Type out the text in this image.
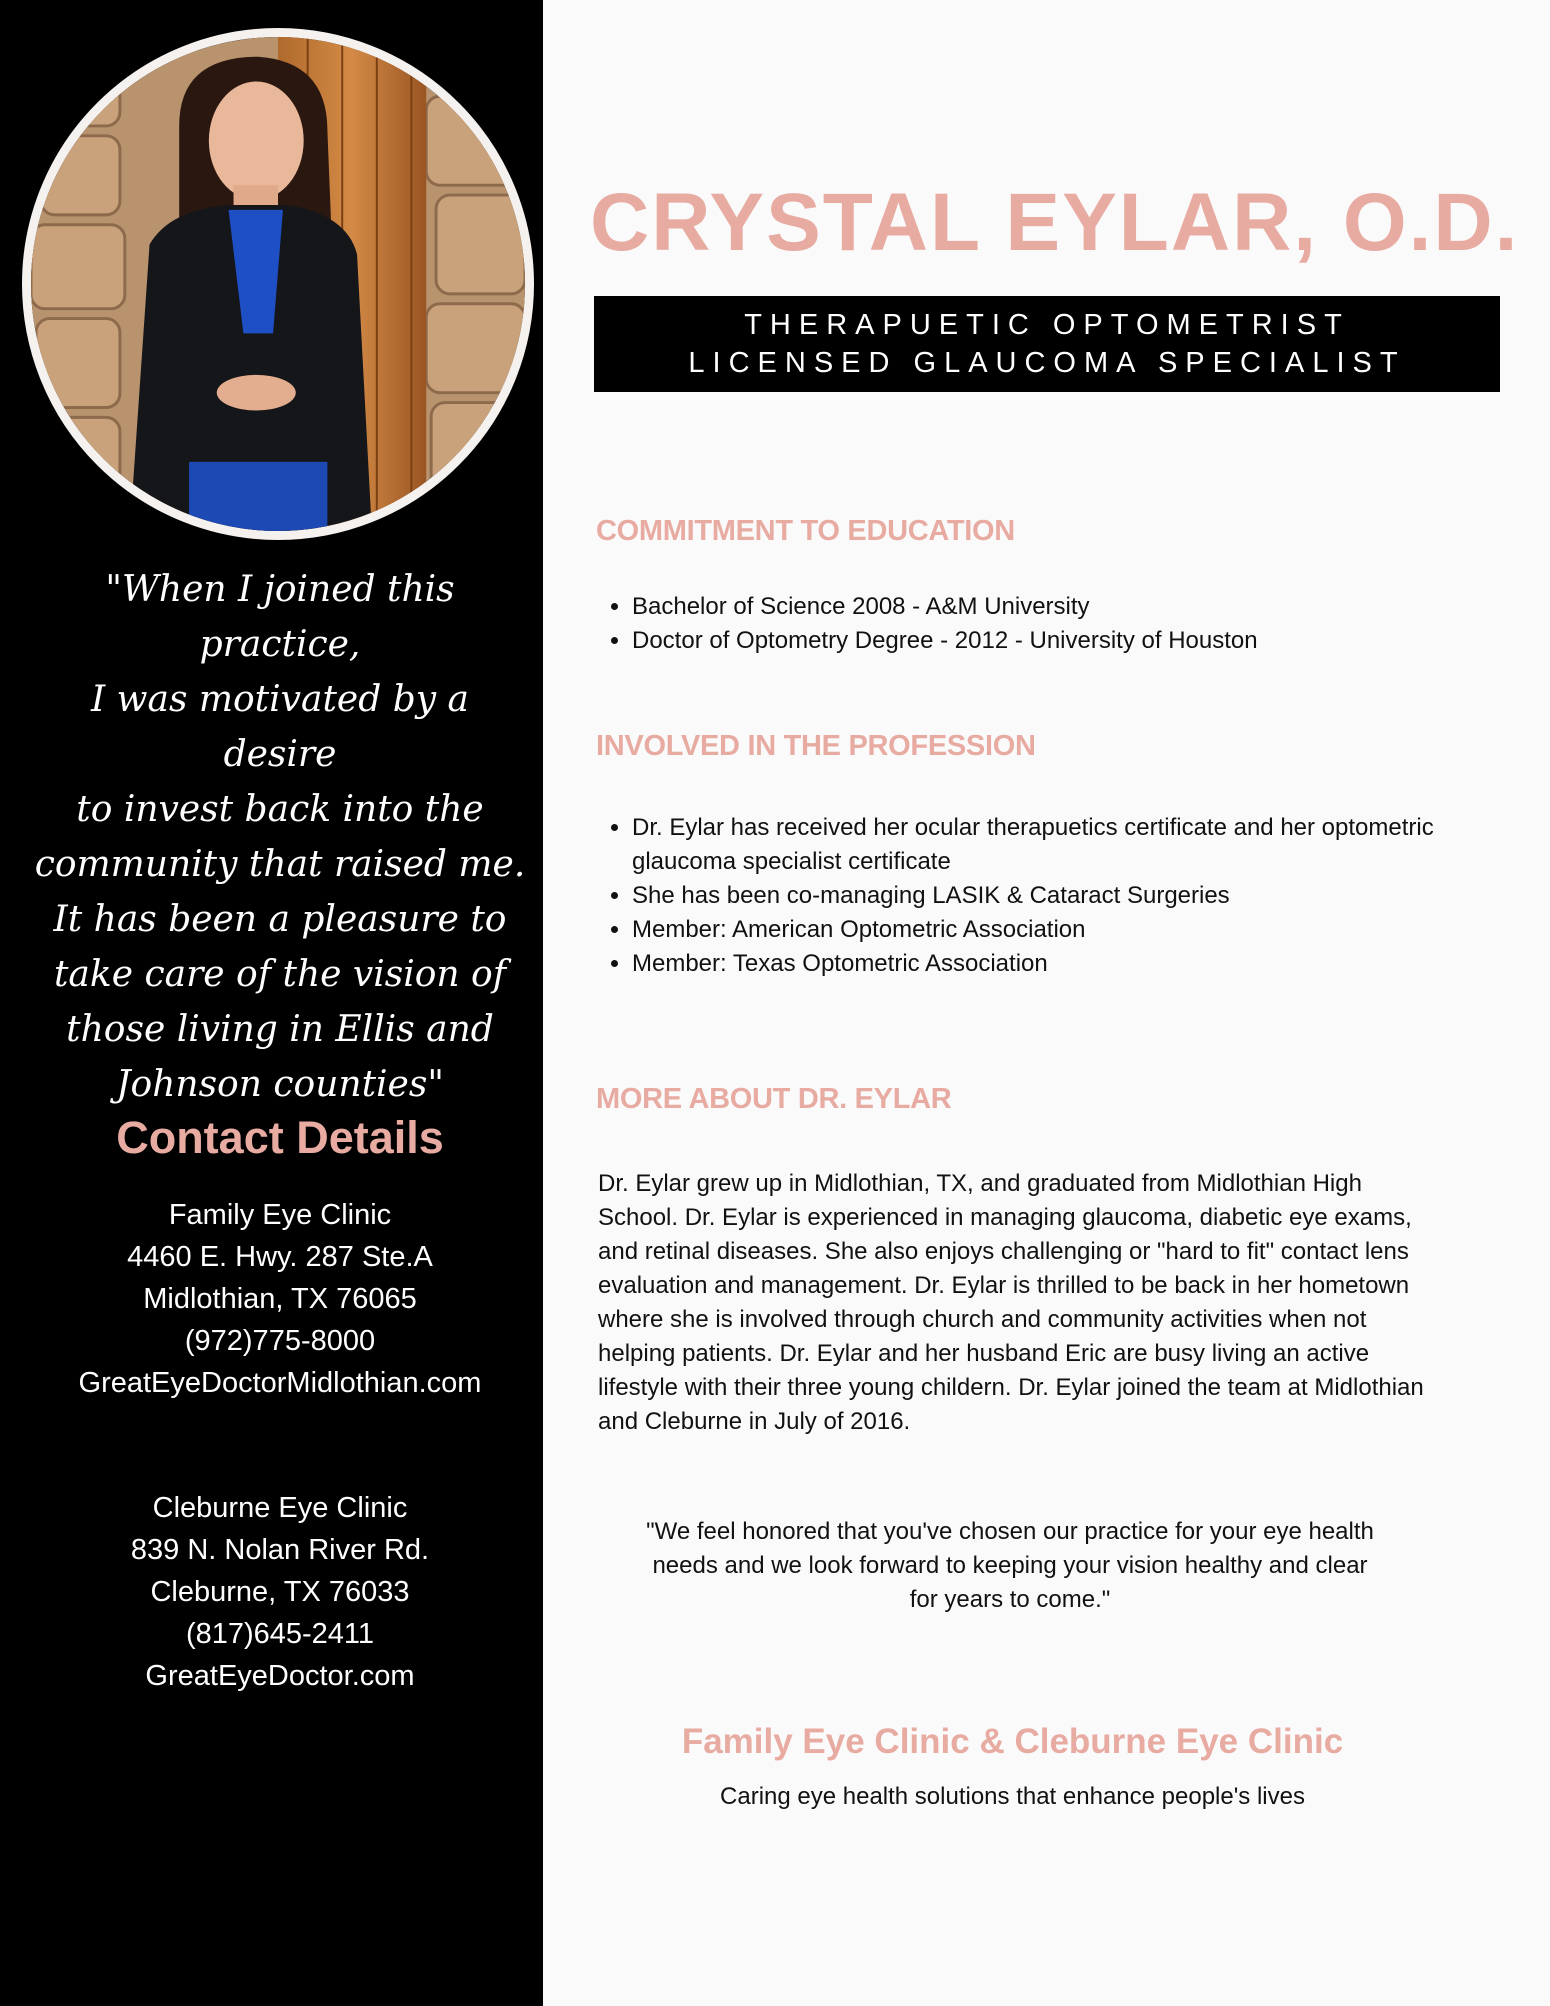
"When I joined this practice,
I was motivated by a desire
to invest back into the
community that raised me.
It has been a pleasure to
take care of the vision of
those living in Ellis and
Johnson counties"

Contact Details
Family Eye Clinic
4460 E. Hwy. 287 Ste.A
Midlothian, TX 76065
(972)775-8000
GreatEyeDoctorMidlothian.com
Cleburne Eye Clinic
839 N. Nolan River Rd.
Cleburne, TX 76033
(817)645-2411
GreatEyeDoctor.com
CRYSTAL EYLAR, O.D.
THERAPUETIC OPTOMETRIST
LICENSED GLAUCOMA SPECIALIST
COMMITMENT TO EDUCATION
• Bachelor of Science 2008 - A&M University
• Doctor of Optometry Degree - 2012 - University of Houston
INVOLVED IN THE PROFESSION
• Dr. Eylar has received her ocular therapuetics certificate and her optometric glaucoma specialist certificate
• She has been co-managing LASIK & Cataract Surgeries
• Member: American Optometric Association
• Member: Texas Optometric Association
MORE ABOUT DR. EYLAR

Dr. Eylar grew up in Midlothian, TX, and graduated from Midlothian High School. Dr. Eylar is experienced in managing glaucoma, diabetic eye exams, and retinal diseases. She also enjoys challenging or "hard to fit" contact lens evaluation and management. Dr. Eylar is thrilled to be back in her hometown where she is involved through church and community activities when not helping patients. Dr. Eylar and her husband Eric are busy living an active lifestyle with their three young childern. Dr. Eylar joined the team at Midlothian and Cleburne in July of 2016.

"We feel honored that you've chosen our practice for your eye health needs and we look forward to keeping your vision healthy and clear for years to come."

Family Eye Clinic & Cleburne Eye Clinic

Caring eye health solutions that enhance people's lives
